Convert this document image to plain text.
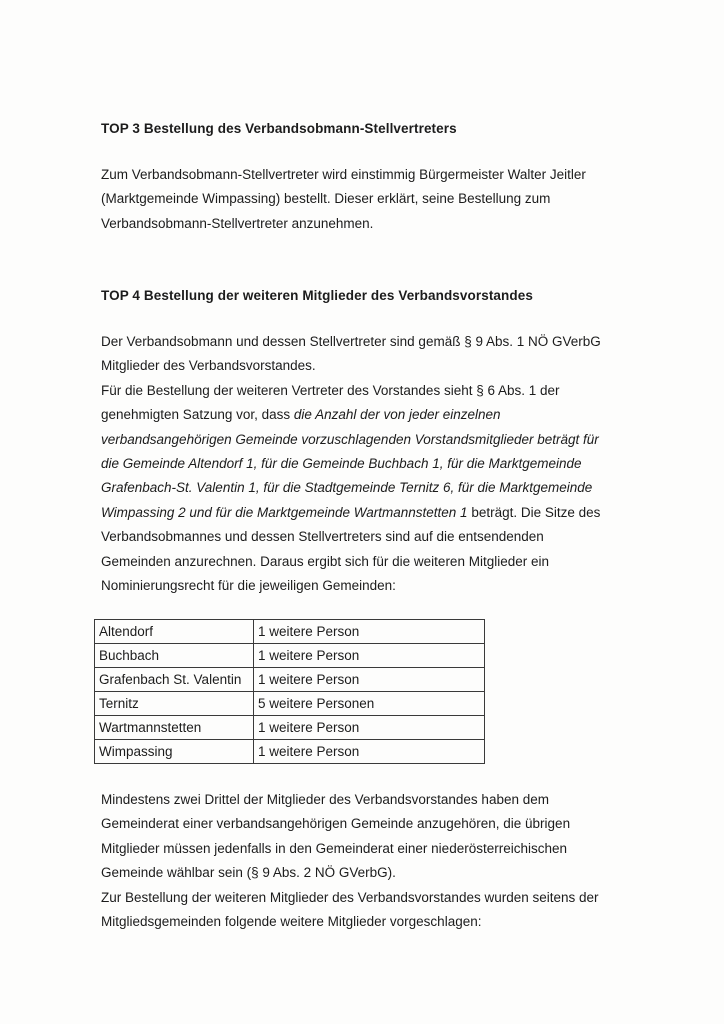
TOP 3 Bestellung des Verbandsobmann-Stellvertreters
Zum Verbandsobmann-Stellvertreter wird einstimmig Bürgermeister Walter Jeitler
(Marktgemeinde Wimpassing) bestellt. Dieser erklärt, seine Bestellung zum
Verbandsobmann-Stellvertreter anzunehmen.
TOP 4 Bestellung der weiteren Mitglieder des Verbandsvorstandes
Der Verbandsobmann und dessen Stellvertreter sind gemäß § 9 Abs. 1 NÖ GVerbG
Mitglieder des Verbandsvorstandes.
Für die Bestellung der weiteren Vertreter des Vorstandes sieht § 6 Abs. 1 der
genehmigten Satzung vor, dass die Anzahl der von jeder einzelnen
verbandsangehörigen Gemeinde vorzuschlagenden Vorstandsmitglieder beträgt für
die Gemeinde Altendorf 1, für die Gemeinde Buchbach 1, für die Marktgemeinde
Grafenbach-St. Valentin 1, für die Stadtgemeinde Ternitz 6, für die Marktgemeinde
Wimpassing 2 und für die Marktgemeinde Wartmannstetten 1 beträgt. Die Sitze des
Verbandsobmannes und dessen Stellvertreters sind auf die entsendenden
Gemeinden anzurechnen. Daraus ergibt sich für die weiteren Mitglieder ein
Nominierungsrecht für die jeweiligen Gemeinden:
Altendorf	1 weitere Person
Buchbach	1 weitere Person
Grafenbach St. Valentin	1 weitere Person
Ternitz	5 weitere Personen
Wartmannstetten	1 weitere Person
Wimpassing	1 weitere Person
Mindestens zwei Drittel der Mitglieder des Verbandsvorstandes haben dem
Gemeinderat einer verbandsangehörigen Gemeinde anzugehören, die übrigen
Mitglieder müssen jedenfalls in den Gemeinderat einer niederösterreichischen
Gemeinde wählbar sein (§ 9 Abs. 2 NÖ GVerbG).
Zur Bestellung der weiteren Mitglieder des Verbandsvorstandes wurden seitens der
Mitgliedsgemeinden folgende weitere Mitglieder vorgeschlagen:
